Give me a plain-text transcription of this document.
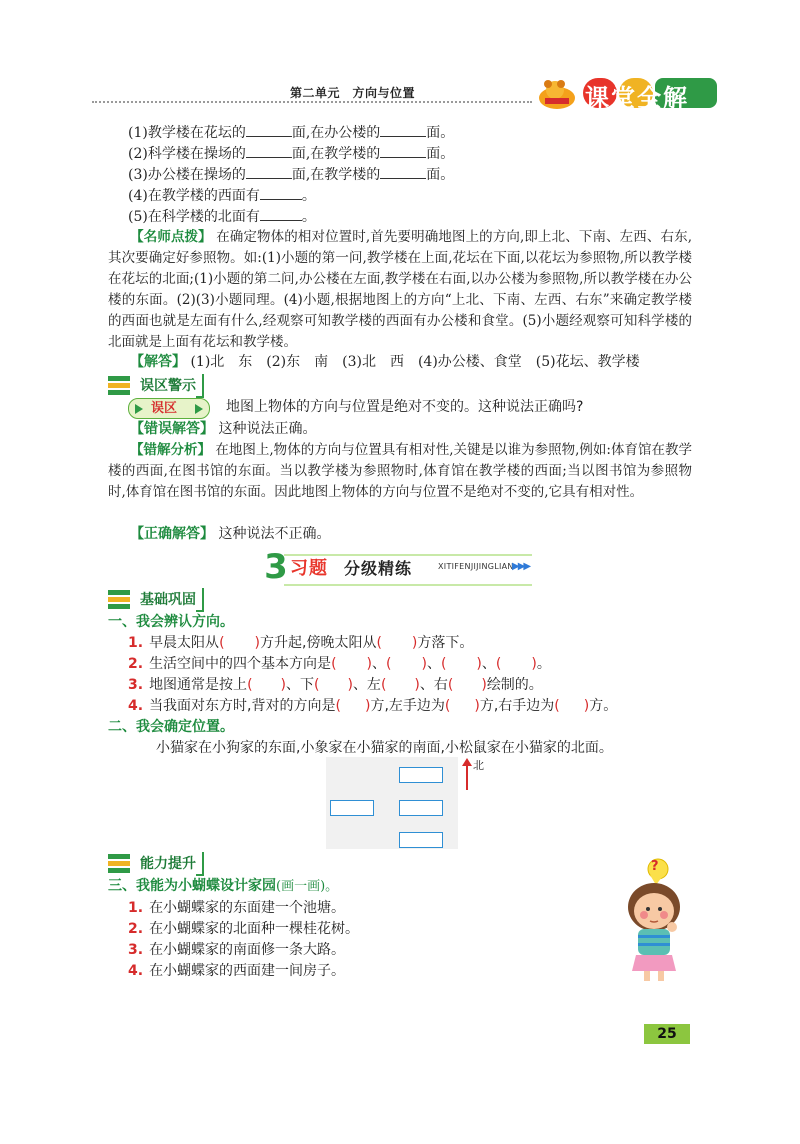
第二单元　方向与位置	课堂全解
(1)教学楼在花坛的	面,在办公楼的	面。
(2)科学楼在操场的	面,在教学楼的	面。
(3)办公楼在操场的	面,在教学楼的	面。
(4)在教学楼的西面有	。
(5)在科学楼的北面有	。
【名师点拨】 在确定物体的相对位置时,首先要明确地图上的方向,即上北、下南、左西、右东,其次要确定好参照物。如:(1)小题的第一问,教学楼在上面,花坛在下面,以花坛为参照物,所以教学楼在花坛的北面;(1)小题的第二问,办公楼在左面,教学楼在右面,以办公楼为参照物,所以教学楼在办公楼的东面。(2)(3)小题同理。(4)小题,根据地图上的方向“上北、下南、左西、右东”来确定教学楼的西面也就是左面有什么,经观察可知教学楼的西面有办公楼和食堂。(5)小题经观察可知科学楼的北面就是上面有花坛和教学楼。
【解答】 (1)北　东　(2)东　南　(3)北　西　(4)办公楼、食堂　(5)花坛、教学楼
误区警示
误区	地图上物体的方向与位置是绝对不变的。这种说法正确吗?
【错误解答】 这种说法正确。
【错解分析】 在地图上,物体的方向与位置具有相对性,关键是以谁为参照物,例如:体育馆在教学楼的西面,在图书馆的东面。当以教学楼为参照物时,体育馆在教学楼的西面;当以图书馆为参照物时,体育馆在图书馆的东面。因此地图上物体的方向与位置不是绝对不变的,它具有相对性。
【正确解答】 这种说法不正确。
3 习题 分级精练	XITIFENJIJINGLIAN
▶▶▶
基础巩固
一、我会辨认方向。
1. 早晨太阳从( )方升起,傍晚太阳从( )方落下。
2. 生活空间中的四个基本方向是( )、( )、( )、( )。
3. 地图通常是按上( )、下( )、左( )、右( )绘制的。
4. 当我面对东方时,背对的方向是( )方,左手边为( )方,右手边为( )方。
二、我会确定位置。
小猫家在小狗家的东面,小象家在小猫家的南面,小松鼠家在小猫家的北面。
北
能力提升
三、我能为小蝴蝶设计家园(画一画)。
1. 在小蝴蝶家的东面建一个池塘。
2. 在小蝴蝶家的北面种一棵桂花树。
3. 在小蝴蝶家的南面修一条大路。
4. 在小蝴蝶家的西面建一间房子。
?
25
